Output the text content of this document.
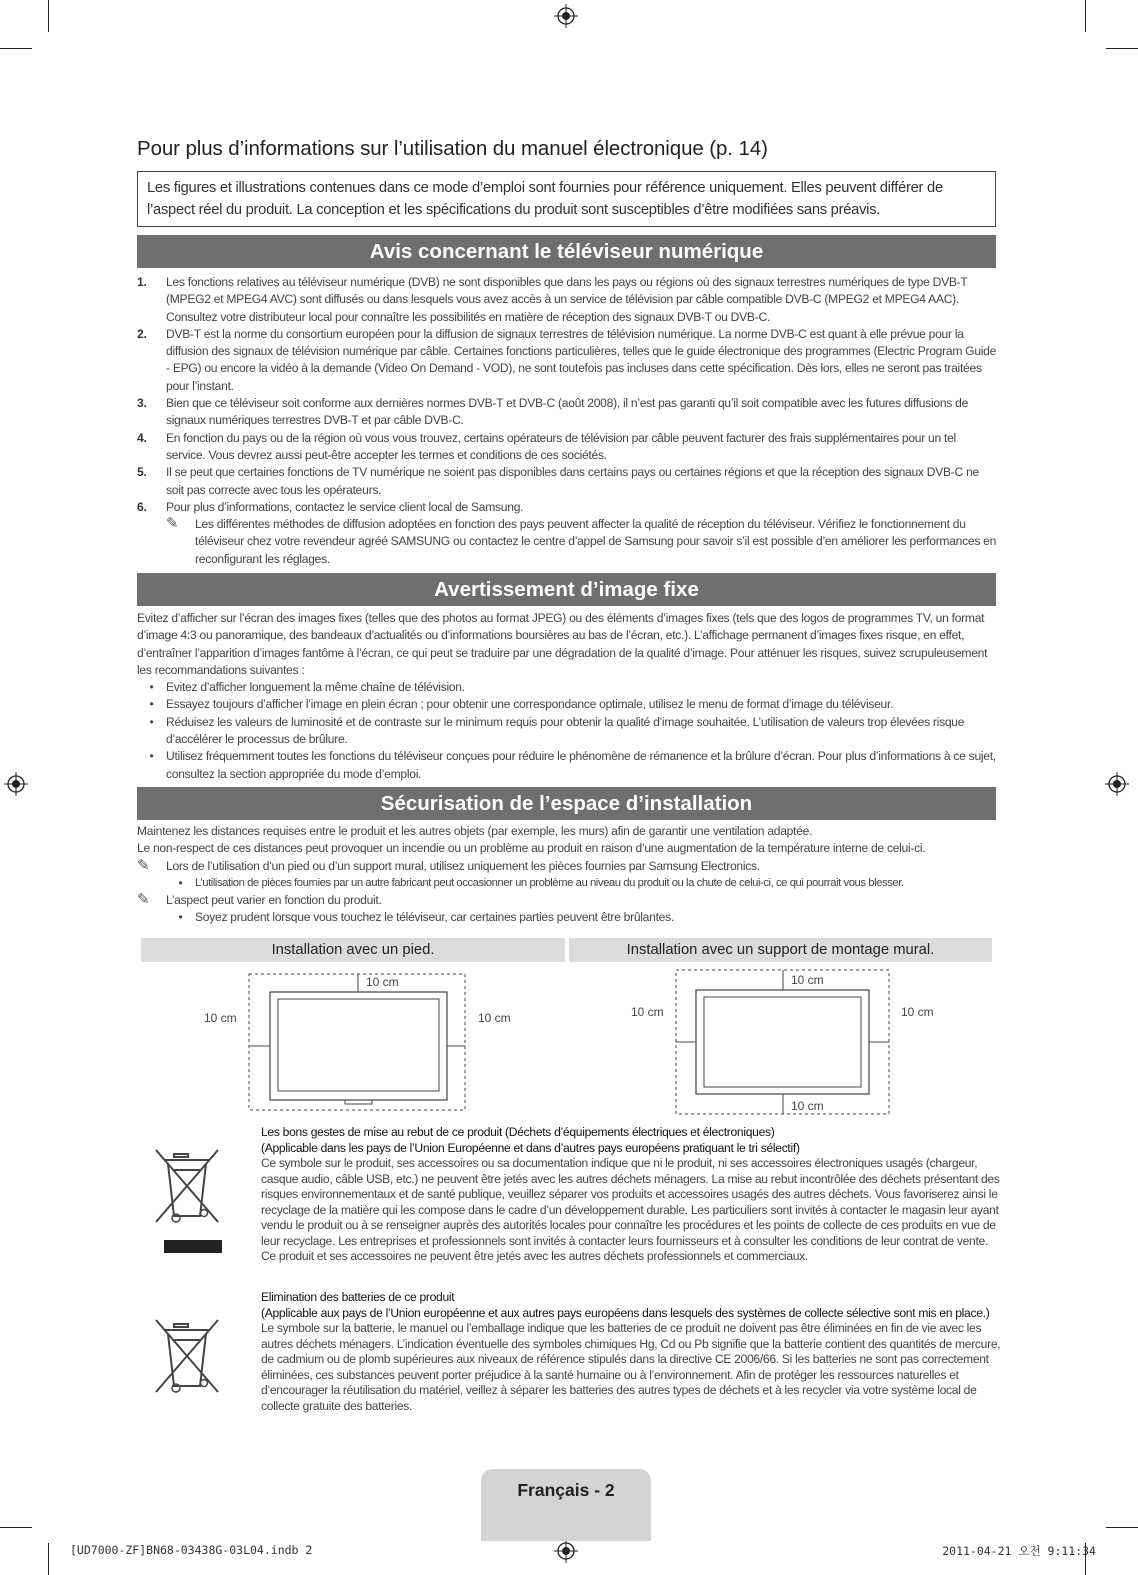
Pour plus d’informations sur l’utilisation du manuel électronique (p. 14)
Les figures et illustrations contenues dans ce mode d’emploi sont fournies pour référence uniquement. Elles peuvent différer de l’aspect réel du produit. La conception et les spécifications du produit sont susceptibles d’être modifiées sans préavis.
Avis concernant le téléviseur numérique
1.	Les fonctions relatives au téléviseur numérique (DVB) ne sont disponibles que dans les pays ou régions où des signaux terrestres numériques de type DVB-T (MPEG2 et MPEG4 AVC) sont diffusés ou dans lesquels vous avez accès à un service de télévision par câble compatible DVB-C (MPEG2 et MPEG4 AAC). Consultez votre distributeur local pour connaître les possibilités en matière de réception des signaux DVB-T ou DVB-C.
2.	DVB-T est la norme du consortium européen pour la diffusion de signaux terrestres de télévision numérique. La norme DVB-C est quant à elle prévue pour la diffusion des signaux de télévision numérique par câble. Certaines fonctions particulières, telles que le guide électronique des programmes (Electric Program Guide - EPG) ou encore la vidéo à la demande (Video On Demand - VOD), ne sont toutefois pas incluses dans cette spécification. Dès lors, elles ne seront pas traitées pour l’instant.
3.	Bien que ce téléviseur soit conforme aux dernières normes DVB-T et DVB-C (août 2008), il n’est pas garanti qu’il soit compatible avec les futures diffusions de signaux numériques terrestres DVB-T et par câble DVB-C.
4.	En fonction du pays ou de la région où vous vous trouvez, certains opérateurs de télévision par câble peuvent facturer des frais supplémentaires pour un tel service. Vous devrez aussi peut-être accepter les termes et conditions de ces sociétés.
5.	Il se peut que certaines fonctions de TV numérique ne soient pas disponibles dans certains pays ou certaines régions et que la réception des signaux DVB-C ne soit pas correcte avec tous les opérateurs.
6.	Pour plus d’informations, contactez le service client local de Samsung.
✎	Les différentes méthodes de diffusion adoptées en fonction des pays peuvent affecter la qualité de réception du téléviseur. Vérifiez le fonctionnement du téléviseur chez votre revendeur agréé SAMSUNG ou contactez le centre d’appel de Samsung pour savoir s’il est possible d’en améliorer les performances en reconfigurant les réglages.
Avertissement d’image fixe
Evitez d’afficher sur l’écran des images fixes (telles que des photos au format JPEG) ou des éléments d’images fixes (tels que des logos de programmes TV, un format d’image 4:3 ou panoramique, des bandeaux d’actualités ou d’informations boursières au bas de l’écran, etc.). L’affichage permanent d’images fixes risque, en effet, d’entraîner l’apparition d’images fantôme à l’écran, ce qui peut se traduire par une dégradation de la qualité d’image. Pour atténuer les risques, suivez scrupuleusement les recommandations suivantes :
•	Evitez d’afficher longuement la même chaîne de télévision.
•	Essayez toujours d’afficher l’image en plein écran ; pour obtenir une correspondance optimale, utilisez le menu de format d’image du téléviseur.
•	Réduisez les valeurs de luminosité et de contraste sur le minimum requis pour obtenir la qualité d’image souhaitée. L’utilisation de valeurs trop élevées risque d’accélérer le processus de brûlure.
•	Utilisez fréquemment toutes les fonctions du téléviseur conçues pour réduire le phénomène de rémanence et la brûlure d’écran. Pour plus d’informations à ce sujet, consultez la section appropriée du mode d’emploi.
Sécurisation de l’espace d’installation
Maintenez les distances requises entre le produit et les autres objets (par exemple, les murs) afin de garantir une ventilation adaptée.
Le non-respect de ces distances peut provoquer un incendie ou un problème au produit en raison d’une augmentation de la température interne de celui-ci.
✎	Lors de l’utilisation d’un pied ou d’un support mural, utilisez uniquement les pièces fournies par Samsung Electronics.
•	L’utilisation de pièces fournies par un autre fabricant peut occasionner un problème au niveau du produit ou la chute de celui-ci, ce qui pourrait vous blesser.
✎	L’aspect peut varier en fonction du produit.
•	Soyez prudent lorsque vous touchez le téléviseur, car certaines parties peuvent être brûlantes.
Installation avec un pied.	Installation avec un support de montage mural.
10 cm
10 cm	10 cm
10 cm
10 cm	10 cm
10 cm
Les bons gestes de mise au rebut de ce produit (Déchets d’équipements électriques et électroniques)
(Applicable dans les pays de l’Union Européenne et dans d’autres pays européens pratiquant le tri sélectif)
Ce symbole sur le produit, ses accessoires ou sa documentation indique que ni le produit, ni ses accessoires électroniques usagés (chargeur, casque audio, câble USB, etc.) ne peuvent être jetés avec les autres déchets ménagers. La mise au rebut incontrôlée des déchets présentant des risques environnementaux et de santé publique, veuillez séparer vos produits et accessoires usagés des autres déchets. Vous favoriserez ainsi le recyclage de la matière qui les compose dans le cadre d’un développement durable. Les particuliers sont invités à contacter le magasin leur ayant vendu le produit ou à se renseigner auprès des autorités locales pour connaître les procédures et les points de collecte de ces produits en vue de leur recyclage. Les entreprises et professionnels sont invités à contacter leurs fournisseurs et à consulter les conditions de leur contrat de vente. Ce produit et ses accessoires ne peuvent être jetés avec les autres déchets professionnels et commerciaux.
Elimination des batteries de ce produit
(Applicable aux pays de l’Union européenne et aux autres pays européens dans lesquels des systèmes de collecte sélective sont mis en place.)
Le symbole sur la batterie, le manuel ou l’emballage indique que les batteries de ce produit ne doivent pas être éliminées en fin de vie avec les autres déchets ménagers. L’indication éventuelle des symboles chimiques Hg, Cd ou Pb signifie que la batterie contient des quantités de mercure, de cadmium ou de plomb supérieures aux niveaux de référence stipulés dans la directive CE 2006/66. Si les batteries ne sont pas correctement éliminées, ces substances peuvent porter préjudice à la santé humaine ou à l’environnement. Afin de protéger les ressources naturelles et d’encourager la réutilisation du matériel, veillez à séparer les batteries des autres types de déchets et à les recycler via votre système local de collecte gratuite des batteries.
Français - 2
[UD7000-ZF]BN68-03438G-03L04.indb 2	2011-04-21 오전 9:11:34
